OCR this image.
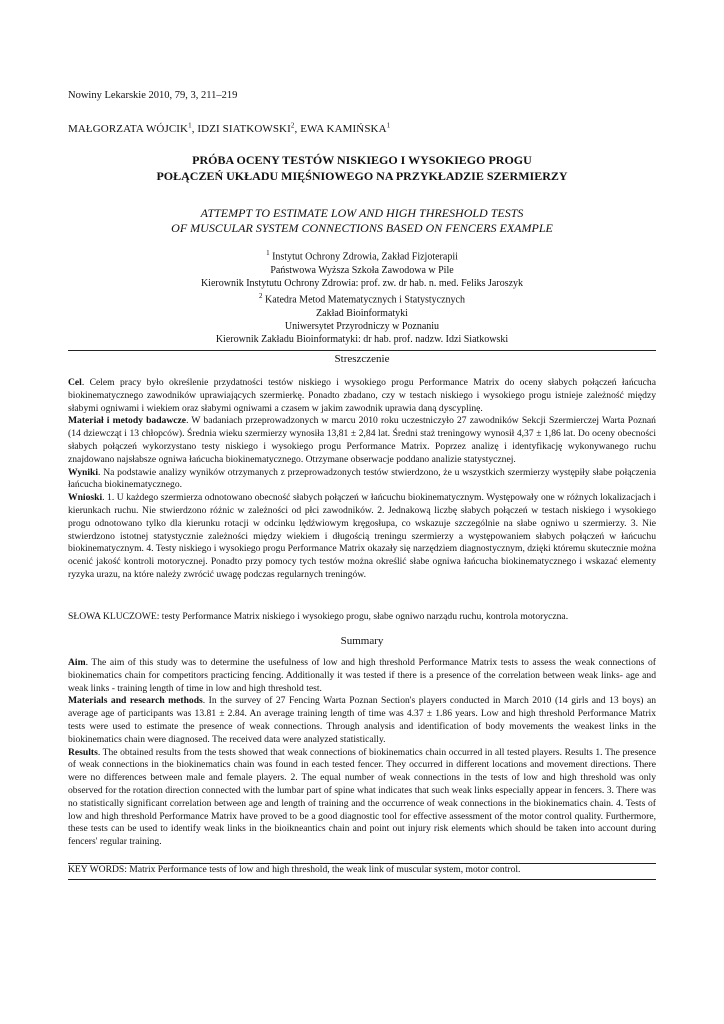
Nowiny Lekarskie 2010, 79, 3, 211–219
MAŁGORZATA WÓJCIK$^1$, IDZI SIATKOWSKI$^2$, EWA KAMIŃSKA$^1$
PRÓBA OCENY TESTÓW NISKIEGO I WYSOKIEGO PROGU
POŁĄCZEŃ UKŁADU MIĘŚNIOWEGO NA PRZYKŁADZIE SZERMIERZY
ATTEMPT TO ESTIMATE LOW AND HIGH THRESHOLD TESTS
OF MUSCULAR SYSTEM CONNECTIONS BASED ON FENCERS EXAMPLE
$^1$ Instytut Ochrony Zdrowia, Zakład Fizjoterapii
Państwowa Wyższa Szkoła Zawodowa w Pile
Kierownik Instytutu Ochrony Zdrowia: prof. zw. dr hab. n. med. Feliks Jaroszyk
$^2$ Katedra Metod Matematycznych i Statystycznych
Zakład Bioinformatyki
Uniwersytet Przyrodniczy w Poznaniu
Kierownik Zakładu Bioinformatyki: dr hab. prof. nadzw. Idzi Siatkowski
Streszczenie

Cel. Celem pracy było określenie przydatności testów niskiego i wysokiego progu Performance Matrix do oceny słabych połączeń łańcucha biokinematycznego zawodników uprawiających szermierkę. Ponadto zbadano, czy w testach niskiego i wysokiego progu istnieje zależność między słabymi ogniwami i wiekiem oraz słabymi ogniwami a czasem w jakim zawodnik uprawia daną dyscyplinę.

Materiał i metody badawcze. W badaniach przeprowadzonych w marcu 2010 roku uczestniczyło 27 zawodników Sekcji Szermierczej Warta Poznań (14 dziewcząt i 13 chłopców). Średnia wieku szermierzy wynosiła 13,81 ± 2,84 lat. Średni staż treningowy wynosił 4,37 ± 1,86 lat. Do oceny obecności słabych połączeń wykorzystano testy niskiego i wysokiego progu Performance Matrix. Poprzez analizę i identyfikację wykonywanego ruchu znajdowano najsłabsze ogniwa łańcucha biokinematycznego. Otrzymane obserwacje poddano analizie statystycznej.

Wyniki. Na podstawie analizy wyników otrzymanych z przeprowadzonych testów stwierdzono, że u wszystkich szermierzy występiły słabe połączenia łańcucha biokinematycznego.

Wnioski. 1. U każdego szermierza odnotowano obecność słabych połączeń w łańcuchu biokinematycznym. Występowały one w różnych lokalizacjach i kierunkach ruchu. Nie stwierdzono różnic w zależności od płci zawodników. 2. Jednakową liczbę słabych połączeń w testach niskiego i wysokiego progu odnotowano tylko dla kierunku rotacji w odcinku lędźwiowym kręgosłupa, co wskazuje szczególnie na słabe ogniwo u szermierzy. 3. Nie stwierdzono istotnej statystycznie zależności między wiekiem i długością treningu szermierzy a występowaniem słabych połączeń w łańcuchu biokinematycznym. 4. Testy niskiego i wysokiego progu Performance Matrix okazały się narzędziem diagnostycznym, dzięki któremu skutecznie można ocenić jakość kontroli motorycznej. Ponadto przy pomocy tych testów można określić słabe ogniwa łańcucha biokinematycznego i wskazać elementy ryzyka urazu, na które należy zwrócić uwagę podczas regularnych treningów.

SŁOWA KLUCZOWE: testy Performance Matrix niskiego i wysokiego progu, słabe ogniwo narządu ruchu, kontrola motoryczna.
Summary

Aim. The aim of this study was to determine the usefulness of low and high threshold Performance Matrix tests to assess the weak connections of biokinematics chain for competitors practicing fencing. Additionally it was tested if there is a presence of the correlation between weak links- age and weak links - training length of time in low and high threshold test.

Materials and research methods. In the survey of 27 Fencing Warta Poznan Section's players conducted in March 2010 (14 girls and 13 boys) an average age of participants was 13.81 ± 2.84. An average training length of time was 4.37 ± 1.86 years. Low and high threshold Performance Matrix tests were used to estimate the presence of weak connections. Through analysis and identification of body movements the weakest links in the biokinematics chain were diagnosed. The received data were analyzed statistically.

Results. The obtained results from the tests showed that weak connections of biokinematics chain occurred in all tested players. Results 1. The presence of weak connections in the biokinematics chain was found in each tested fencer. They occurred in different locations and movement directions. There were no differences between male and female players. 2. The equal number of weak connections in the tests of low and high threshold was only observed for the rotation direction connected with the lumbar part of spine what indicates that such weak links especially appear in fencers. 3. There was no statistically significant correlation between age and length of training and the occurrence of weak connections in the biokinematics chain. 4. Tests of low and high threshold Performance Matrix have proved to be a good diagnostic tool for effective assessment of the motor control quality. Furthermore, these tests can be used to identify weak links in the bioikneantics chain and point out injury risk elements which should be taken into account during fencers' regular training.

KEY WORDS: Matrix Performance tests of low and high threshold, the weak link of muscular system, motor control.
